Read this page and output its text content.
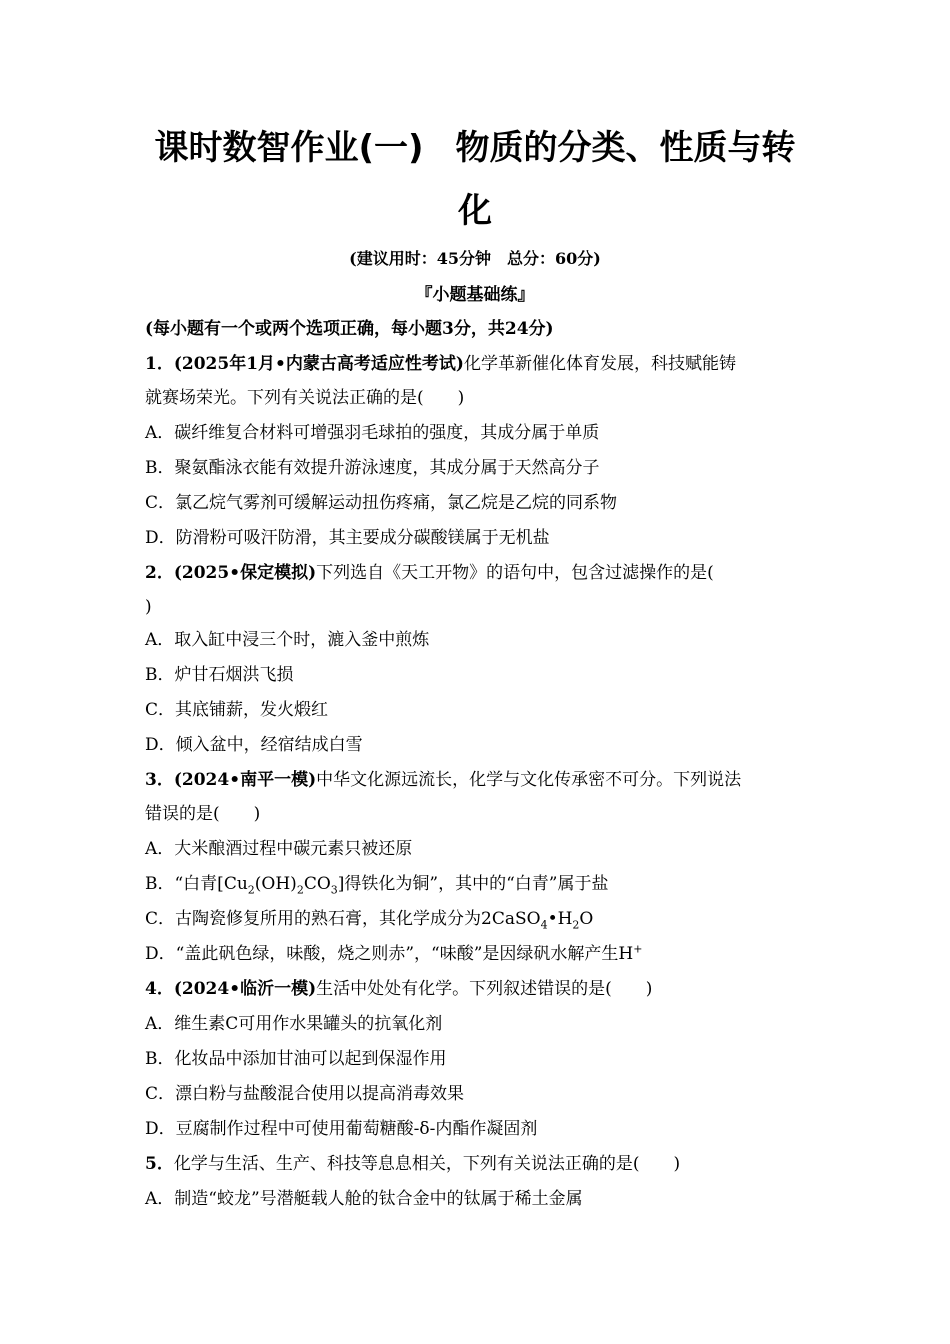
课时数智作业(一) 物质的分类、性质与转
化
(建议用时：45分钟　总分：60分)
『小题基础练』
(每小题有一个或两个选项正确，每小题3分，共24分)
1．(2025年1月•内蒙古高考适应性考试)化学革新催化体育发展，科技赋能铸
就赛场荣光。下列有关说法正确的是(　　)
A．碳纤维复合材料可增强羽毛球拍的强度，其成分属于单质
B．聚氨酯泳衣能有效提升游泳速度，其成分属于天然高分子
C．氯乙烷气雾剂可缓解运动扭伤疼痛，氯乙烷是乙烷的同系物
D．防滑粉可吸汗防滑，其主要成分碳酸镁属于无机盐
2．(2025•保定模拟)下列选自《天工开物》的语句中，包含过滤操作的是(
)
A．取入缸中浸三个时，漉入釜中煎炼
B．炉甘石烟洪飞损
C．其底铺薪，发火煅红
D．倾入盆中，经宿结成白雪
3．(2024•南平一模)中华文化源远流长，化学与文化传承密不可分。下列说法
错误的是(　　)
A．大米酿酒过程中碳元素只被还原
B．“白青$[Cu_2(OH)_2CO_3]$得铁化为铜”，其中的“白青”属于盐
C．古陶瓷修复所用的熟石膏，其化学成分为$2CaSO_4•H_2O$
D．“盖此矾色绿，味酸，烧之则赤”，“味酸”是因绿矾水解产生H+
4．(2024•临沂一模)生活中处处有化学。下列叙述错误的是(　　)
A．维生素C可用作水果罐头的抗氧化剂
B．化妆品中添加甘油可以起到保湿作用
C．漂白粉与盐酸混合使用以提高消毒效果
D．豆腐制作过程中可使用葡萄糖酸-δ-内酯作凝固剂
5．化学与生活、生产、科技等息息相关，下列有关说法正确的是(　　)
A．制造“蛟龙”号潜艇载人舱的钛合金中的钛属于稀土金属
